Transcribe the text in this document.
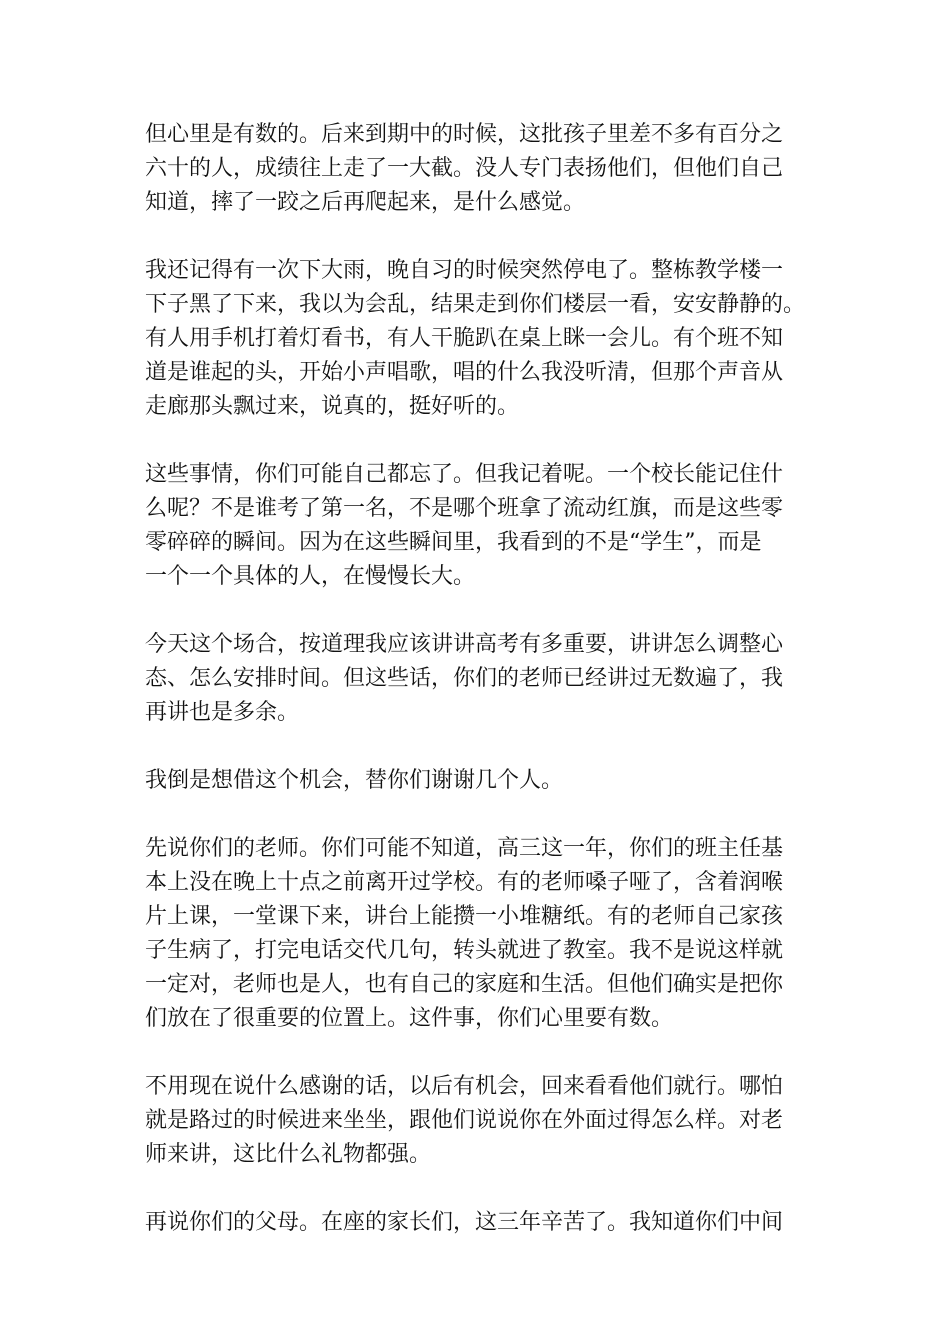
但心里是有数的。后来到期中的时候，这批孩子里差不多有百分之
六十的人，成绩往上走了一大截。没人专门表扬他们，但他们自己
知道，摔了一跤之后再爬起来，是什么感觉。
我还记得有一次下大雨，晚自习的时候突然停电了。整栋教学楼一
下子黑了下来，我以为会乱，结果走到你们楼层一看，安安静静的。
有人用手机打着灯看书，有人干脆趴在桌上眯一会儿。有个班不知
道是谁起的头，开始小声唱歌，唱的什么我没听清，但那个声音从
走廊那头飘过来，说真的，挺好听的。
这些事情，你们可能自己都忘了。但我记着呢。一个校长能记住什
么呢？不是谁考了第一名，不是哪个班拿了流动红旗，而是这些零
零碎碎的瞬间。因为在这些瞬间里，我看到的不是“学生”，而是
一个一个具体的人，在慢慢长大。
今天这个场合，按道理我应该讲讲高考有多重要，讲讲怎么调整心
态、怎么安排时间。但这些话，你们的老师已经讲过无数遍了，我
再讲也是多余。
我倒是想借这个机会，替你们谢谢几个人。
先说你们的老师。你们可能不知道，高三这一年，你们的班主任基
本上没在晚上十点之前离开过学校。有的老师嗓子哑了，含着润喉
片上课，一堂课下来，讲台上能攒一小堆糖纸。有的老师自己家孩
子生病了，打完电话交代几句，转头就进了教室。我不是说这样就
一定对，老师也是人，也有自己的家庭和生活。但他们确实是把你
们放在了很重要的位置上。这件事，你们心里要有数。
不用现在说什么感谢的话，以后有机会，回来看看他们就行。哪怕
就是路过的时候进来坐坐，跟他们说说你在外面过得怎么样。对老
师来讲，这比什么礼物都强。
再说你们的父母。在座的家长们，这三年辛苦了。我知道你们中间
